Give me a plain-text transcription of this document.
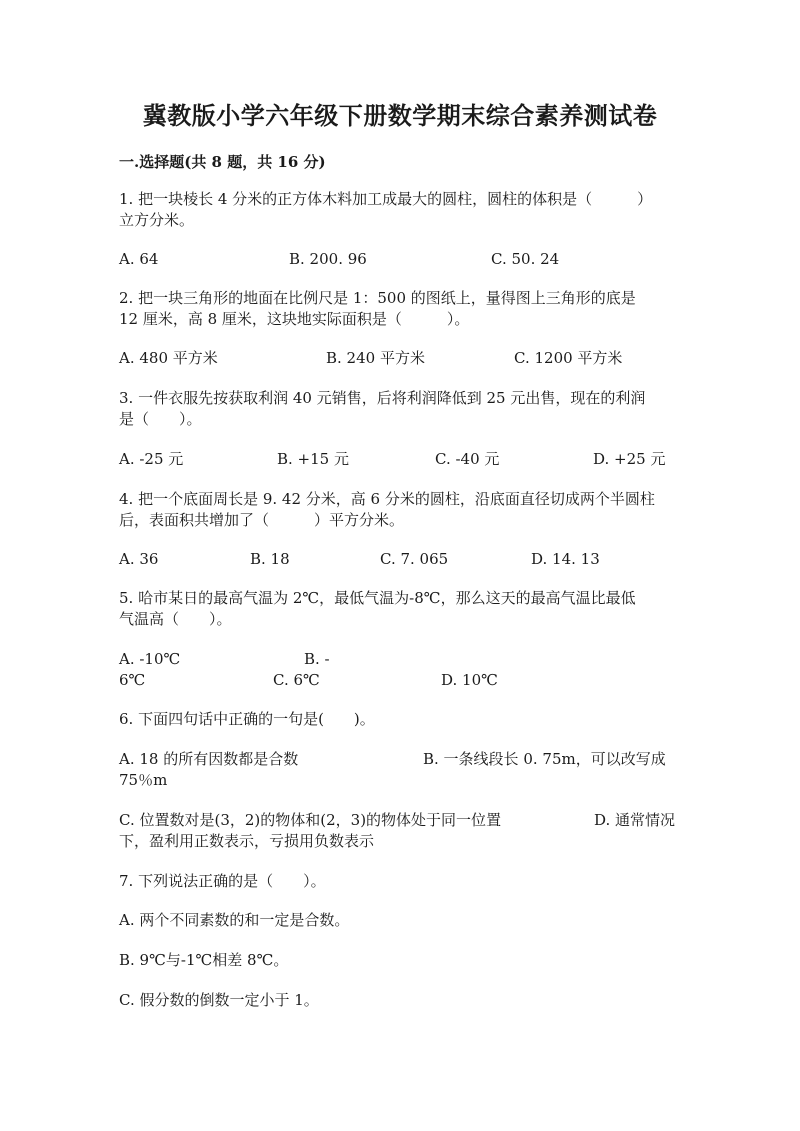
冀教版小学六年级下册数学期末综合素养测试卷
一.选择题(共 8 题，共 16 分)
1. 把一块棱长 4 分米的正方体木料加工成最大的圆柱，圆柱的体积是（　　　）
立方分米。
A. 64	B. 200. 96	C. 50. 24
2. 把一块三角形的地面在比例尺是 1：500 的图纸上，量得图上三角形的底是
12 厘米，高 8 厘米，这块地实际面积是（　　　）。
A. 480 平方米	B. 240 平方米	C. 1200 平方米
3. 一件衣服先按获取利润 40 元销售，后将利润降低到 25 元出售，现在的利润
是（　　）。
A. -25 元	B. +15 元	C. -40 元	D. +25 元
4. 把一个底面周长是 9. 42 分米，高 6 分米的圆柱，沿底面直径切成两个半圆柱
后，表面积共增加了（　　　）平方分米。
A. 36	B. 18	C. 7. 065	D. 14. 13
5. 哈市某日的最高气温为 2℃，最低气温为-8℃，那么这天的最高气温比最低
气温高（　　）。
A. -10℃	B. -
6℃	C. 6℃	D. 10℃
6. 下面四句话中正确的一句是(　　)。
A. 18 的所有因数都是合数	B. 一条线段长 0. 75m，可以改写成
75％m
C. 位置数对是(3，2)的物体和(2，3)的物体处于同一位置	D. 通常情况
下，盈利用正数表示，亏损用负数表示
7. 下列说法正确的是（　　）。
A. 两个不同素数的和一定是合数。
B. 9℃与-1℃相差 8℃。
C. 假分数的倒数一定小于 1。
